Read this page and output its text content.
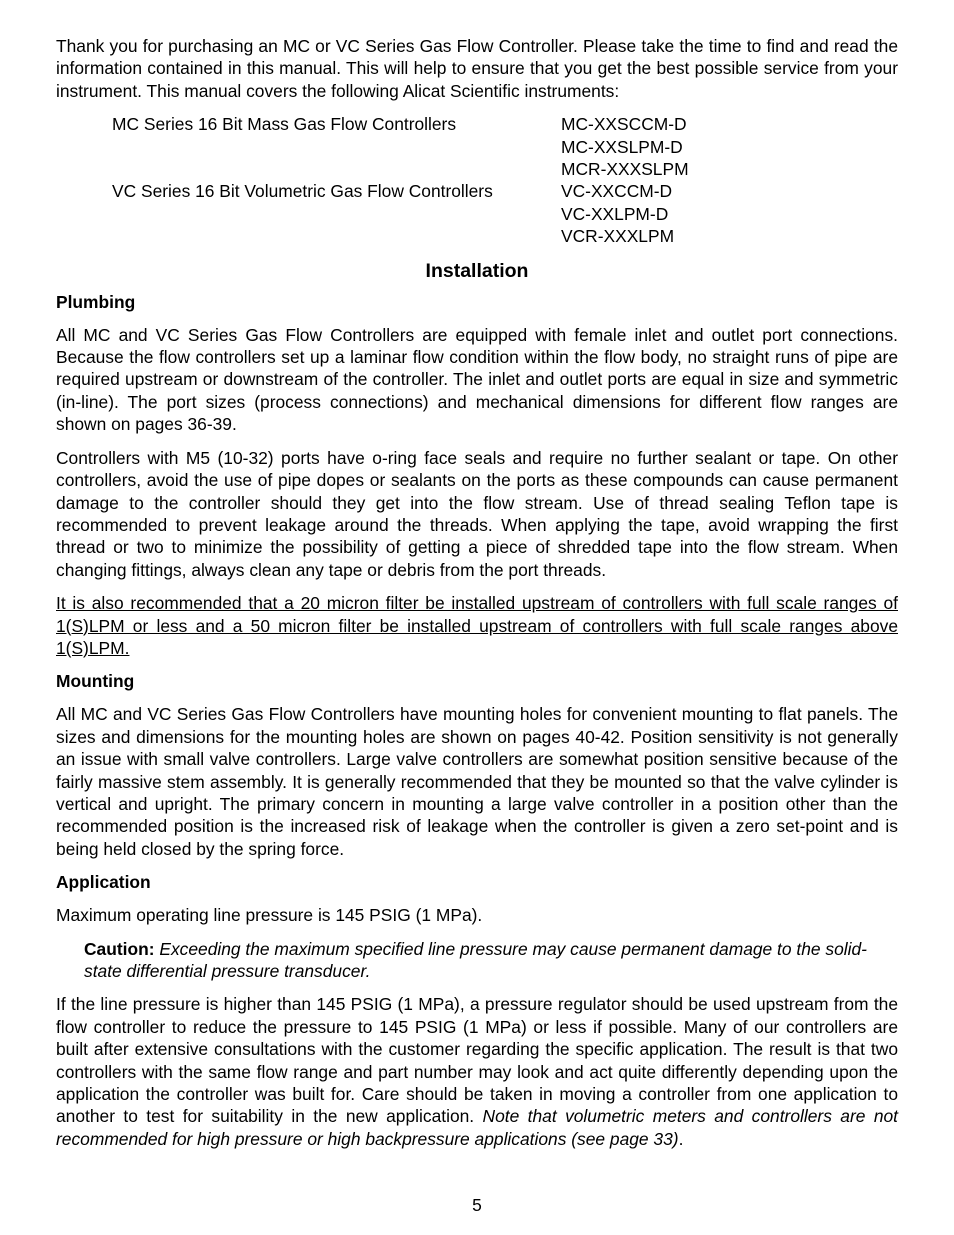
Thank you for purchasing an MC or VC Series Gas Flow Controller. Please take the time to find and read the information contained in this manual. This will help to ensure that you get the best possible service from your instrument. This manual covers the following Alicat Scientific instruments:

MC Series 16 Bit Mass Gas Flow Controllers	MC-XXSCCM-D
MC-XXSLPM-D
MCR-XXXSLPM
VC Series 16 Bit Volumetric Gas Flow Controllers	VC-XXCCM-D
VC-XXLPM-D
VCR-XXXLPM
Installation
Plumbing

All MC and VC Series Gas Flow Controllers are equipped with female inlet and outlet port connections. Because the flow controllers set up a laminar flow condition within the flow body, no straight runs of pipe are required upstream or downstream of the controller. The inlet and outlet ports are equal in size and symmetric (in-line). The port sizes (process connections) and mechanical dimensions for different flow ranges are shown on pages 36-39.

Controllers with M5 (10-32) ports have o-ring face seals and require no further sealant or tape. On other controllers, avoid the use of pipe dopes or sealants on the ports as these compounds can cause permanent damage to the controller should they get into the flow stream. Use of thread sealing Teflon tape is recommended to prevent leakage around the threads. When applying the tape, avoid wrapping the first thread or two to minimize the possibility of getting a piece of shredded tape into the flow stream. When changing fittings, always clean any tape or debris from the port threads.

It is also recommended that a 20 micron filter be installed upstream of controllers with full scale ranges of 1(S)LPM or less and a 50 micron filter be installed upstream of controllers with full scale ranges above 1(S)LPM.

Mounting

All MC and VC Series Gas Flow Controllers have mounting holes for convenient mounting to flat panels. The sizes and dimensions for the mounting holes are shown on pages 40-42. Position sensitivity is not generally an issue with small valve controllers. Large valve controllers are somewhat position sensitive because of the fairly massive stem assembly. It is generally recommended that they be mounted so that the valve cylinder is vertical and upright. The primary concern in mounting a large valve controller in a position other than the recommended position is the increased risk of leakage when the controller is given a zero set-point and is being held closed by the spring force.

Application

Maximum operating line pressure is 145 PSIG (1 MPa).

Caution: Exceeding the maximum specified line pressure may cause permanent damage to the solid-state differential pressure transducer.

If the line pressure is higher than 145 PSIG (1 MPa), a pressure regulator should be used upstream from the flow controller to reduce the pressure to 145 PSIG (1 MPa) or less if possible. Many of our controllers are built after extensive consultations with the customer regarding the specific application. The result is that two controllers with the same flow range and part number may look and act quite differently depending upon the application the controller was built for. Care should be taken in moving a controller from one application to another to test for suitability in the new application. Note that volumetric meters and controllers are not recommended for high pressure or high backpressure applications (see page 33).

5
